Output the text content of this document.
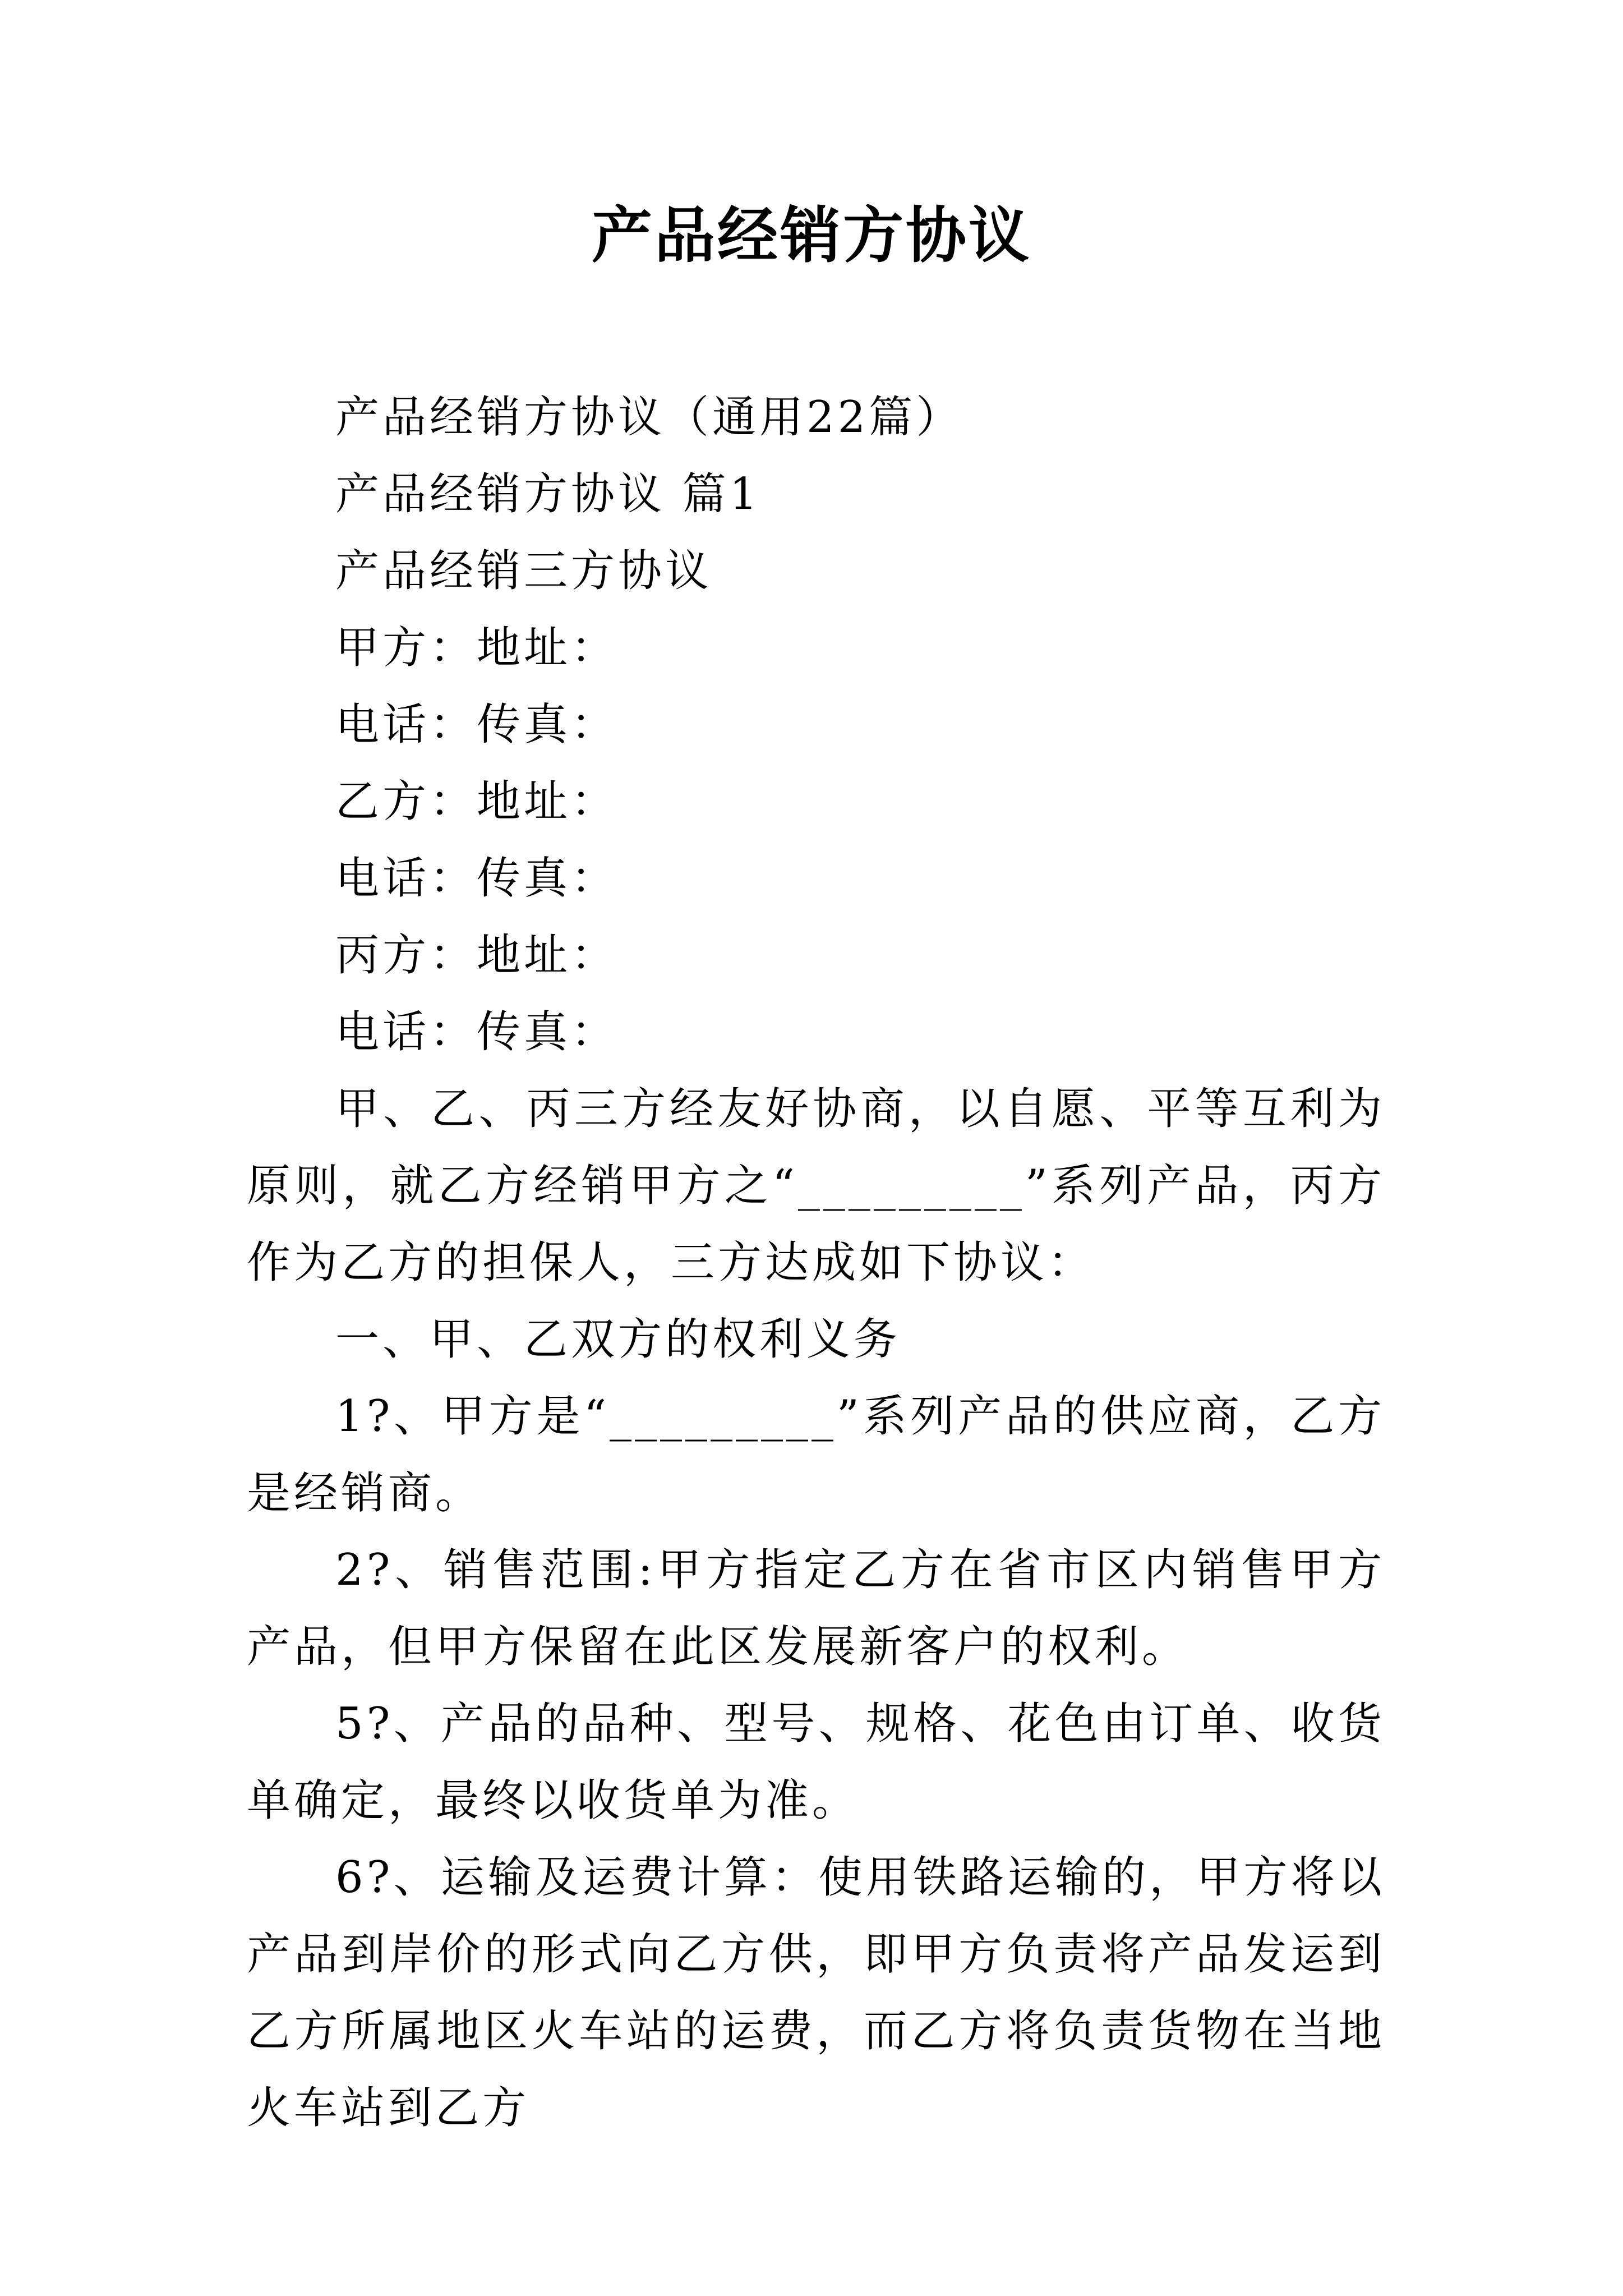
产品经销方协议

产品经销方协议（通用22篇）

产品经销方协议 篇1

产品经销三方协议

甲方：地址：

电话：传真：

乙方：地址：

电话：传真：

丙方：地址：

电话：传真：

甲、乙、丙三方经友好协商，以自愿、平等互利为原则，就乙方经销甲方之“_________”系列产品，丙方作为乙方的担保人，三方达成如下协议：

一、甲、乙双方的权利义务

1?、甲方是“_________”系列产品的供应商，乙方是经销商。

2?、销售范围:甲方指定乙方在省市区内销售甲方产品，但甲方保留在此区发展新客户的权利。

5?、产品的品种、型号、规格、花色由订单、收货单确定，最终以收货单为准。

6?、运输及运费计算：使用铁路运输的，甲方将以产品到岸价的形式向乙方供，即甲方负责将产品发运到乙方所属地区火车站的运费，而乙方将负责货物在当地火车站到乙方
